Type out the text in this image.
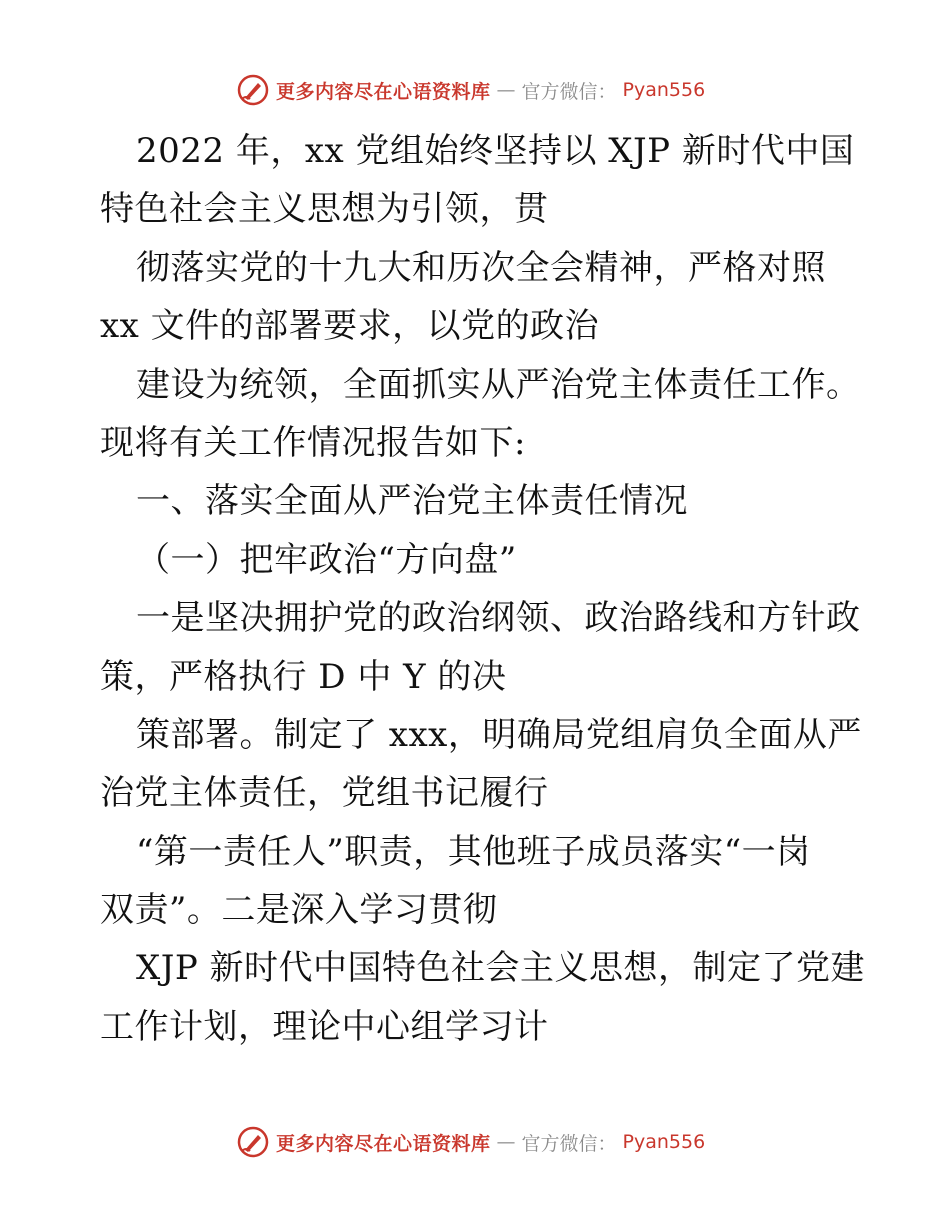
更多内容尽在心语资料库 — 官方微信： Pyan556
2022 年，xx 党组始终坚持以 XJP 新时代中国
特色社会主义思想为引领，贯
彻落实党的十九大和历次全会精神，严格对照
xx 文件的部署要求，以党的政治
建设为统领，全面抓实从严治党主体责任工作。
现将有关工作情况报告如下:
一、落实全面从严治党主体责任情况
（一）把牢政治“方向盘”
一是坚决拥护党的政治纲领、政治路线和方针政
策，严格执行 D 中 Y 的决
策部署。制定了 xxx，明确局党组肩负全面从严
治党主体责任，党组书记履行
“第一责任人”职责，其他班子成员落实“一岗
双责”。二是深入学习贯彻
XJP 新时代中国特色社会主义思想，制定了党建
工作计划，理论中心组学习计
更多内容尽在心语资料库 — 官方微信： Pyan556
